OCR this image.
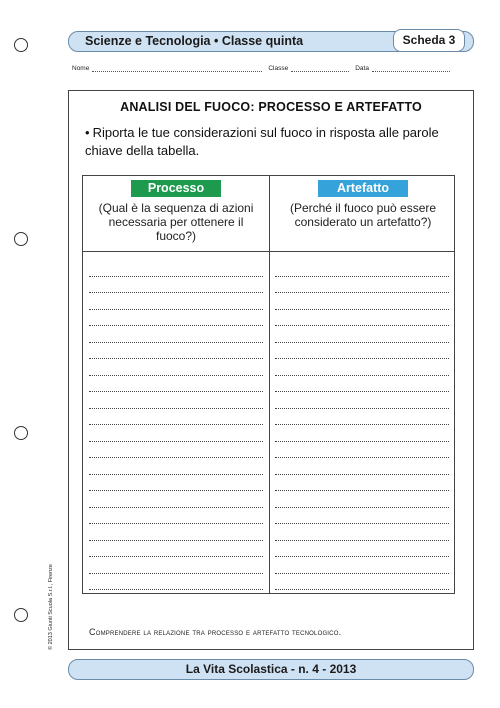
Scienze e Tecnologia • Classe quinta	Scheda 3
Nome	Classe	Data
ANALISI DEL FUOCO: PROCESSO E ARTEFATTO
• Riporta le tue considerazioni sul fuoco in risposta alle parole chiave della tabella.
Processo
(Qual è la sequenza di azioni necessaria per ottenere il fuoco?)
Artefatto
(Perché il fuoco può essere considerato un artefatto?)
Comprendere la relazione tra processo e artefatto tecnologico.
© 2013 Giunti Scuola S.r.l., Firenze
La Vita Scolastica - n. 4 - 2013
